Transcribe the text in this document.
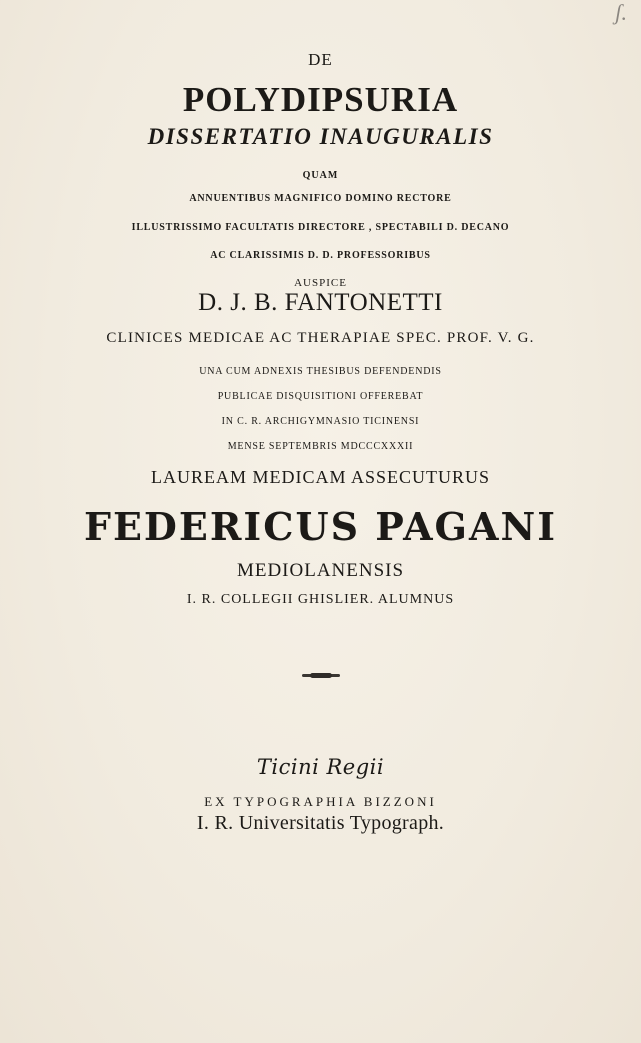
ʃ.
DE
POLYDIPSURIA
DISSERTATIO INAUGURALIS
QUAM
ANNUENTIBUS MAGNIFICO DOMINO RECTORE
ILLUSTRISSIMO FACULTATIS DIRECTORE , SPECTABILI D. DECANO
AC CLARISSIMIS D. D. PROFESSORIBUS
AUSPICE
D. J. B. FANTONETTI
CLINICES MEDICAE AC THERAPIAE SPEC. PROF. V. G.
UNA CUM ADNEXIS THESIBUS DEFENDENDIS
PUBLICAE DISQUISITIONI OFFEREBAT
IN C. R. ARCHIGYMNASIO TICINENSI
MENSE SEPTEMBRIS MDCCCXXXII
LAUREAM MEDICAM ASSECUTURUS
FEDERICUS PAGANI
MEDIOLANENSIS
I. R. COLLEGII GHISLIER. ALUMNUS
Ticini Regii
EX TYPOGRAPHIA BIZZONI
I. R. Universitatis Typograph.
